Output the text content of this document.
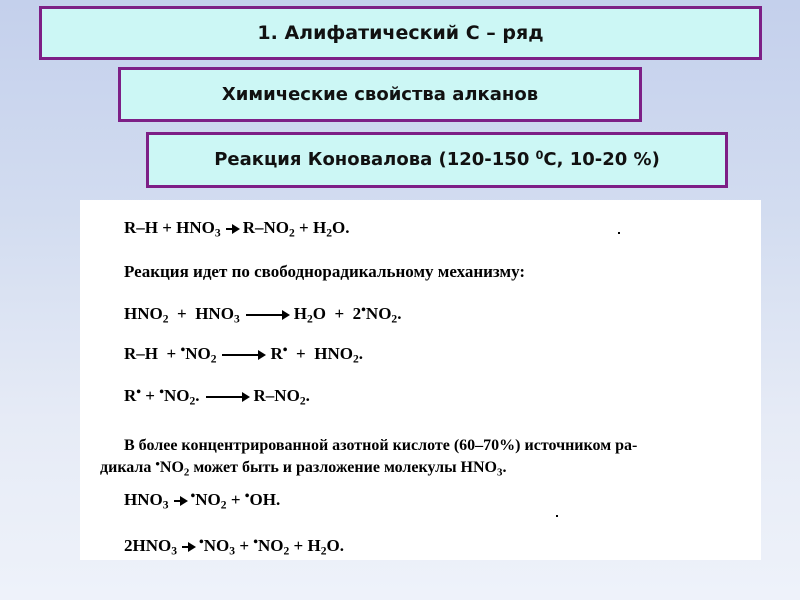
1. Алифатический С – ряд
Химические свойства алканов
Реакция Коновалова (120-150 $^0$С, 10-20 %)
$R-H + HNO_3$ $R-NO_2 + H_2O$.
Реакция идет по свободнорадикальному механизму:
$HNO_2 + HNO_3 \to H_2O + 2^•NO_2$.
$R-H + ^•NO_2 \to R^• + HNO_2$.
$R^• + ^•NO_2$. → $R-NO_2$.
В более концентрированной азотной кислоте (60–70%) источником ра-
дикала $^•NO_2$ может быть и разложение молекулы $HNO_3$.
$HNO_3^•NO_2 + ^•OH$.
$2HNO_3^•NO_3 + ^•NO_2 + H_2O$.
